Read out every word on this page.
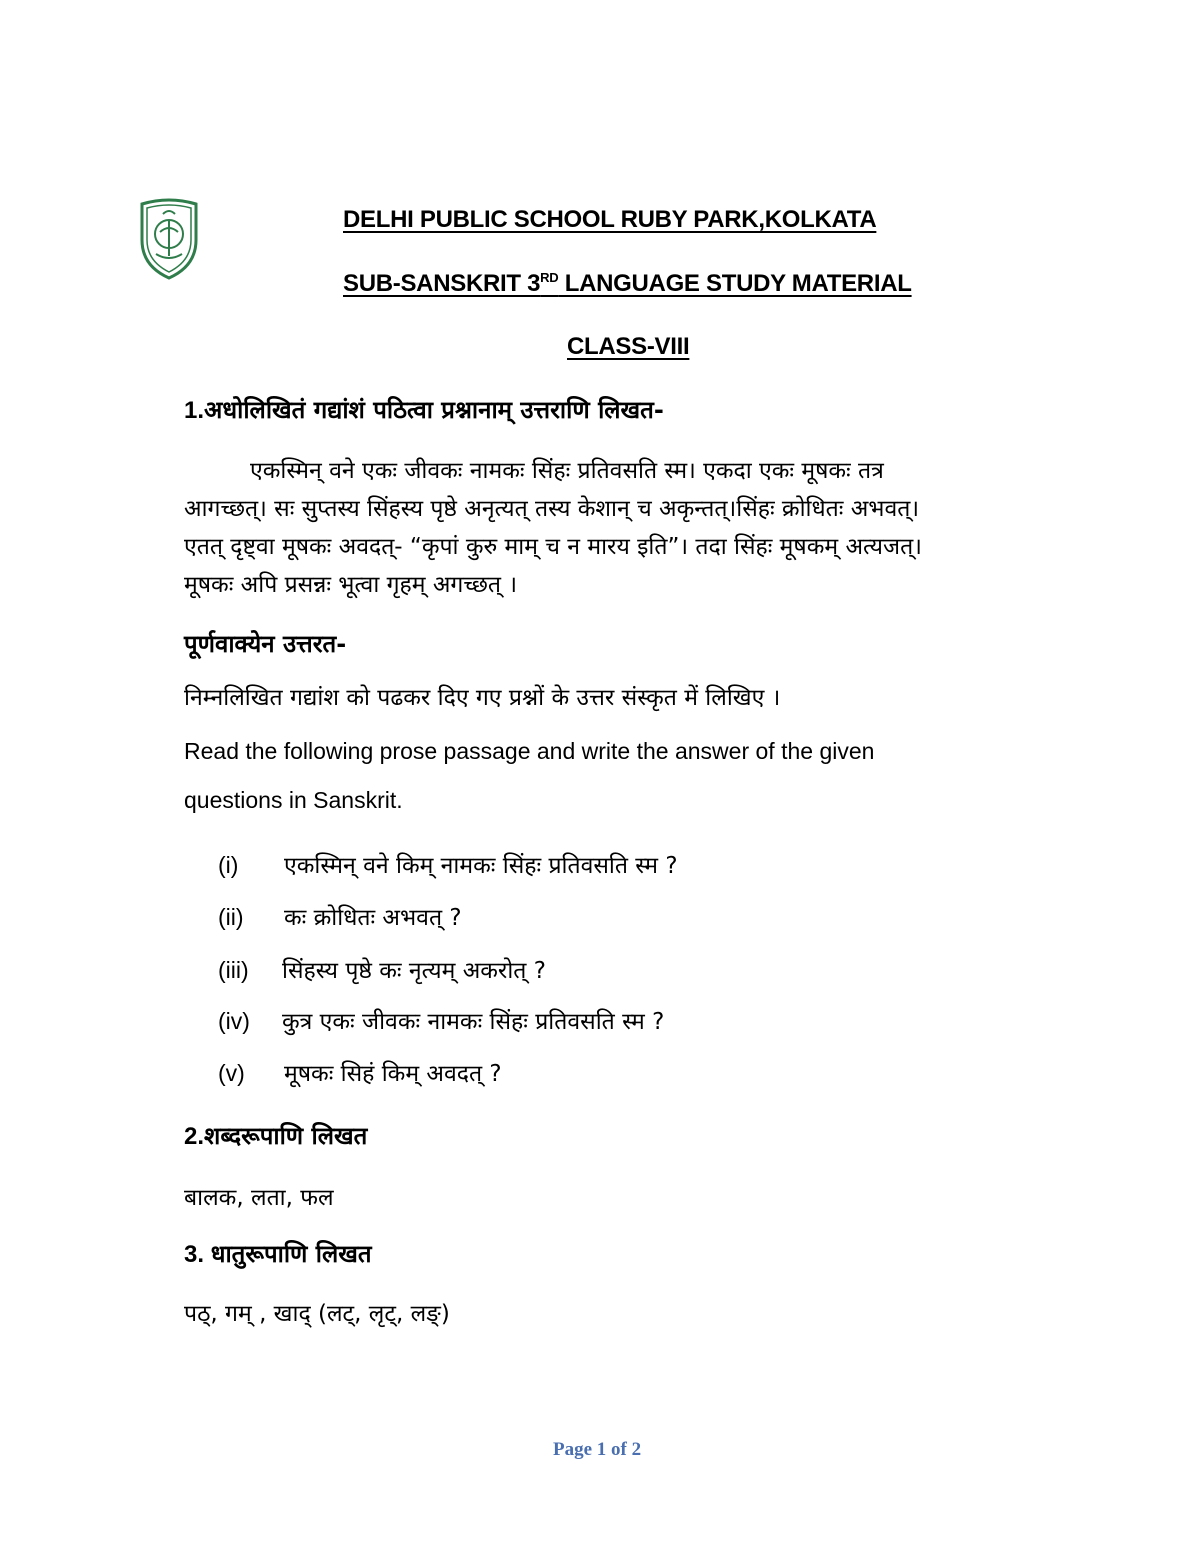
DELHI PUBLIC SCHOOL RUBY PARK,KOLKATA
SUB-SANSKRIT 3RD LANGUAGE STUDY MATERIAL
CLASS-VIII
1.अधोलिखितं गद्यांशं पठित्वा प्रश्नानाम् उत्तराणि लिखत-
एकस्मिन् वने एकः जीवकः नामकः सिंहः प्रतिवसति स्म। एकदा एकः मूषकः तत्र
आगच्छत्। सः सुप्तस्य सिंहस्य पृष्ठे अनृत्यत् तस्य केशान् च अकृन्तत्।सिंहः क्रोधितः अभवत्।
एतत् दृष्ट्वा मूषकः अवदत्- “कृपां कुरु माम् च न मारय इति”। तदा सिंहः मूषकम् अत्यजत्।
मूषकः अपि प्रसन्नः भूत्वा गृहम् अगच्छत् ।
पूर्णवाक्येन उत्तरत-
निम्नलिखित गद्यांश को पढकर दिए गए प्रश्नों के उत्तर संस्कृत में लिखिए ।
Read the following prose passage and write the answer of the given
questions in Sanskrit.
(i) एकस्मिन् वने किम् नामकः सिंहः प्रतिवसति स्म ?
(ii) कः क्रोधितः अभवत् ?
(iii) सिंहस्य पृष्ठे कः नृत्यम् अकरोत् ?
(iv) कुत्र एकः जीवकः नामकः सिंहः प्रतिवसति स्म ?
(v) मूषकः सिहं किम् अवदत् ?
2.शब्दरूपाणि लिखत
बालक, लता, फल
3. धातुरूपाणि लिखत
पठ्, गम् , खाद् (लट्, लृट्, लङ्)
Page 1 of 2
